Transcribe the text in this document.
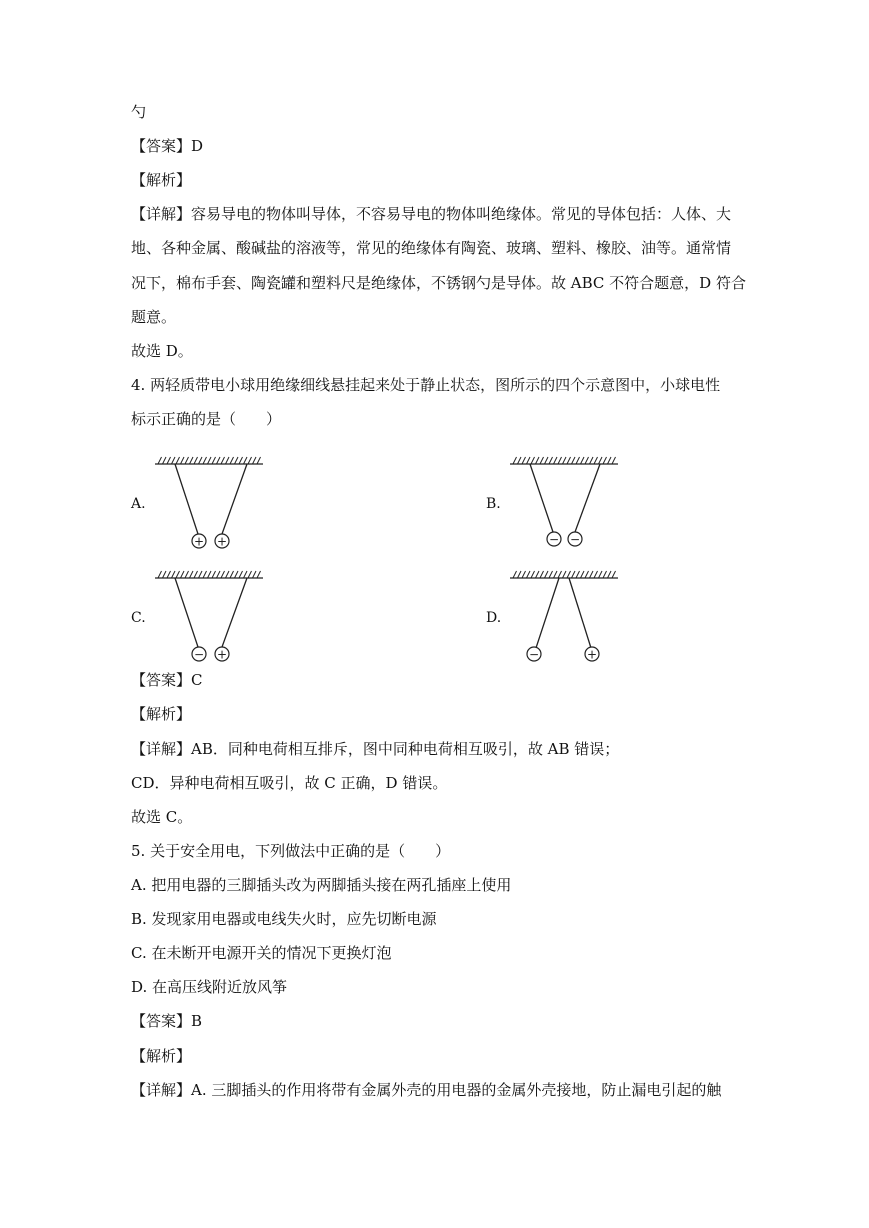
勺
【答案】D
【解析】
【详解】容易导电的物体叫导体，不容易导电的物体叫绝缘体。常见的导体包括：人体、大
地、各种金属、酸碱盐的溶液等，常见的绝缘体有陶瓷、玻璃、塑料、橡胶、油等。通常情
况下，棉布手套、陶瓷罐和塑料尺是绝缘体，不锈钢勺是导体。故 ABC 不符合题意，D 符合
题意。
故选 D。
4. 两轻质带电小球用绝缘细线悬挂起来处于静止状态，图所示的四个示意图中，小球电性
标示正确的是（　　）
【答案】C
【解析】
【详解】AB．同种电荷相互排斥，图中同种电荷相互吸引，故 AB 错误；
CD．异种电荷相互吸引，故 C 正确，D 错误。
故选 C。
5. 关于安全用电，下列做法中正确的是（　　）
A. 把用电器的三脚插头改为两脚插头接在两孔插座上使用
B. 发现家用电器或电线失火时，应先切断电源
C. 在未断开电源开关的情况下更换灯泡
D. 在高压线附近放风筝
【答案】B
【解析】
【详解】A. 三脚插头的作用将带有金属外壳的用电器的金属外壳接地，防止漏电引起的触
A.	B.
C.	D.
+ +	− −
− +	−	+
